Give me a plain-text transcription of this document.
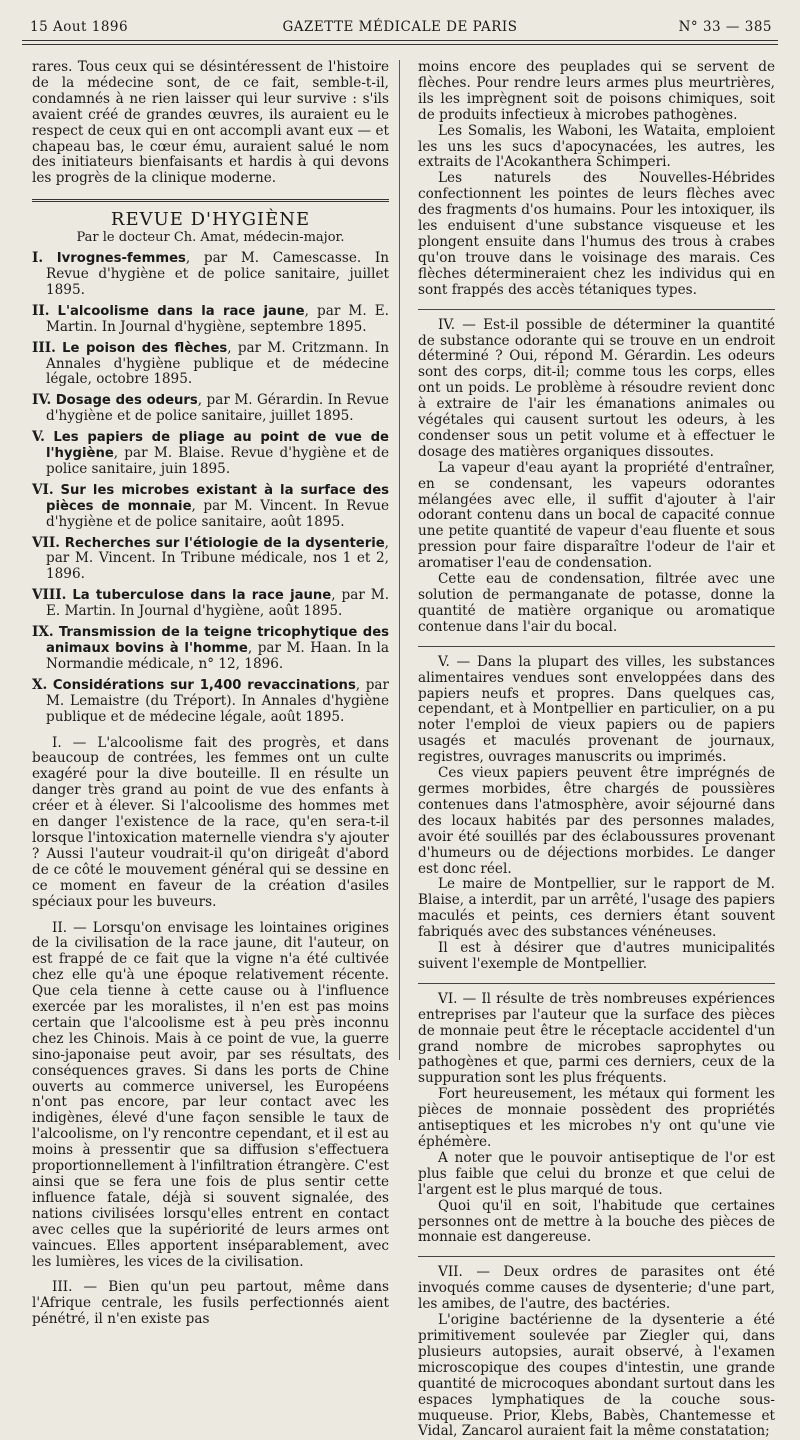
15 Aout 1896	GAZETTE MÉDICALE DE PARIS	N° 33 — 385

rares. Tous ceux qui se désintéressent de l'histoire de la médecine sont, de ce fait, semble-t-il, condamnés à ne rien laisser qui leur survive : s'ils avaient créé de grandes œuvres, ils auraient eu le respect de ceux qui en ont accompli avant eux — et chapeau bas, le cœur ému, auraient salué le nom des initiateurs bienfaisants et hardis à qui devons les progrès de la clinique moderne.

REVUE D'HYGIÈNE

Par le docteur Ch. Amat, médecin-major.

I. Ivrognes-femmes, par M. Camescasse. In Revue d'hygiène et de police sanitaire, juillet 1895.

II. L'alcoolisme dans la race jaune, par M. E. Martin. In Journal d'hygiène, septembre 1895.

III. Le poison des flèches, par M. Critzmann. In Annales d'hygiène publique et de médecine légale, octobre 1895.

IV. Dosage des odeurs, par M. Gérardin. In Revue d'hygiène et de police sanitaire, juillet 1895.

V. Les papiers de pliage au point de vue de l'hygiène, par M. Blaise. Revue d'hygiène et de police sanitaire, juin 1895.

VI. Sur les microbes existant à la surface des pièces de monnaie, par M. Vincent. In Revue d'hygiène et de police sanitaire, août 1895.

VII. Recherches sur l'étiologie de la dysenterie, par M. Vincent. In Tribune médicale, nos 1 et 2, 1896.

VIII. La tuberculose dans la race jaune, par M. E. Martin. In Journal d'hygiène, août 1895.

IX. Transmission de la teigne tricophytique des animaux bovins à l'homme, par M. Haan. In la Normandie médicale, n° 12, 1896.

X. Considérations sur 1,400 revaccinations, par M. Lemaistre (du Tréport). In Annales d'hygiène publique et de médecine légale, août 1895.

I. — L'alcoolisme fait des progrès, et dans beaucoup de contrées, les femmes ont un culte exagéré pour la dive bouteille. Il en résulte un danger très grand au point de vue des enfants à créer et à élever. Si l'alcoolisme des hommes met en danger l'existence de la race, qu'en sera-t-il lorsque l'intoxication maternelle viendra s'y ajouter ? Aussi l'auteur voudrait-il qu'on dirigeât d'abord de ce côté le mouvement général qui se dessine en ce moment en faveur de la création d'asiles spéciaux pour les buveurs.

II. — Lorsqu'on envisage les lointaines origines de la civilisation de la race jaune, dit l'auteur, on est frappé de ce fait que la vigne n'a été cultivée chez elle qu'à une époque relativement récente. Que cela tienne à cette cause ou à l'influence exercée par les moralistes, il n'en est pas moins certain que l'alcoolisme est à peu près inconnu chez les Chinois. Mais à ce point de vue, la guerre sino-japonaise peut avoir, par ses résultats, des conséquences graves. Si dans les ports de Chine ouverts au commerce universel, les Européens n'ont pas encore, par leur contact avec les indigènes, élevé d'une façon sensible le taux de l'alcoolisme, on l'y rencontre cependant, et il est au moins à pressentir que sa diffusion s'effectuera proportionnellement à l'infiltration étrangère. C'est ainsi que se fera une fois de plus sentir cette influence fatale, déjà si souvent signalée, des nations civilisées lorsqu'elles entrent en contact avec celles que la supériorité de leurs armes ont vaincues. Elles apportent inséparablement, avec les lumières, les vices de la civilisation.

III. — Bien qu'un peu partout, même dans l'Afrique centrale, les fusils perfectionnés aient pénétré, il n'en existe pas

moins encore des peuplades qui se servent de flèches. Pour rendre leurs armes plus meurtrières, ils les imprègnent soit de poisons chimiques, soit de produits infectieux à microbes pathogènes.

Les Somalis, les Waboni, les Wataita, emploient les uns les sucs d'apocynacées, les autres, les extraits de l'Acokanthera Schimperi.

Les naturels des Nouvelles-Hébrides confectionnent les pointes de leurs flèches avec des fragments d'os humains. Pour les intoxiquer, ils les enduisent d'une substance visqueuse et les plongent ensuite dans l'humus des trous à crabes qu'on trouve dans le voisinage des marais. Ces flèches détermineraient chez les individus qui en sont frappés des accès tétaniques types.

IV. — Est-il possible de déterminer la quantité de substance odorante qui se trouve en un endroit déterminé ? Oui, répond M. Gérardin. Les odeurs sont des corps, dit-il; comme tous les corps, elles ont un poids. Le problème à résoudre revient donc à extraire de l'air les émanations animales ou végétales qui causent surtout les odeurs, à les condenser sous un petit volume et à effectuer le dosage des matières organiques dissoutes.

La vapeur d'eau ayant la propriété d'entraîner, en se condensant, les vapeurs odorantes mélangées avec elle, il suffit d'ajouter à l'air odorant contenu dans un bocal de capacité connue une petite quantité de vapeur d'eau fluente et sous pression pour faire disparaître l'odeur de l'air et aromatiser l'eau de condensation.

Cette eau de condensation, filtrée avec une solution de permanganate de potasse, donne la quantité de matière organique ou aromatique contenue dans l'air du bocal.

V. — Dans la plupart des villes, les substances alimentaires vendues sont enveloppées dans des papiers neufs et propres. Dans quelques cas, cependant, et à Montpellier en particulier, on a pu noter l'emploi de vieux papiers ou de papiers usagés et maculés provenant de journaux, registres, ouvrages manuscrits ou imprimés.

Ces vieux papiers peuvent être imprégnés de germes morbides, être chargés de poussières contenues dans l'atmosphère, avoir séjourné dans des locaux habités par des personnes malades, avoir été souillés par des éclaboussures provenant d'humeurs ou de déjections morbides. Le danger est donc réel.

Le maire de Montpellier, sur le rapport de M. Blaise, a interdit, par un arrêté, l'usage des papiers maculés et peints, ces derniers étant souvent fabriqués avec des substances vénéneuses.

Il est à désirer que d'autres municipalités suivent l'exemple de Montpellier.

VI. — Il résulte de très nombreuses expériences entreprises par l'auteur que la surface des pièces de monnaie peut être le réceptacle accidentel d'un grand nombre de microbes saprophytes ou pathogènes et que, parmi ces derniers, ceux de la suppuration sont les plus fréquents.

Fort heureusement, les métaux qui forment les pièces de monnaie possèdent des propriétés antiseptiques et les microbes n'y ont qu'une vie éphémère.

A noter que le pouvoir antiseptique de l'or est plus faible que celui du bronze et que celui de l'argent est le plus marqué de tous.

Quoi qu'il en soit, l'habitude que certaines personnes ont de mettre à la bouche des pièces de monnaie est dangereuse.

VII. — Deux ordres de parasites ont été invoqués comme causes de dysenterie; d'une part, les amibes, de l'autre, des bactéries.

L'origine bactérienne de la dysenterie a été primitivement soulevée par Ziegler qui, dans plusieurs autopsies, aurait observé, à l'examen microscopique des coupes d'intestin, une grande quantité de microcoques abondant surtout dans les espaces lymphatiques de la couche sous-muqueuse. Prior, Klebs, Babès, Chantemesse et Vidal, Zancarol auraient fait la même constatation;
